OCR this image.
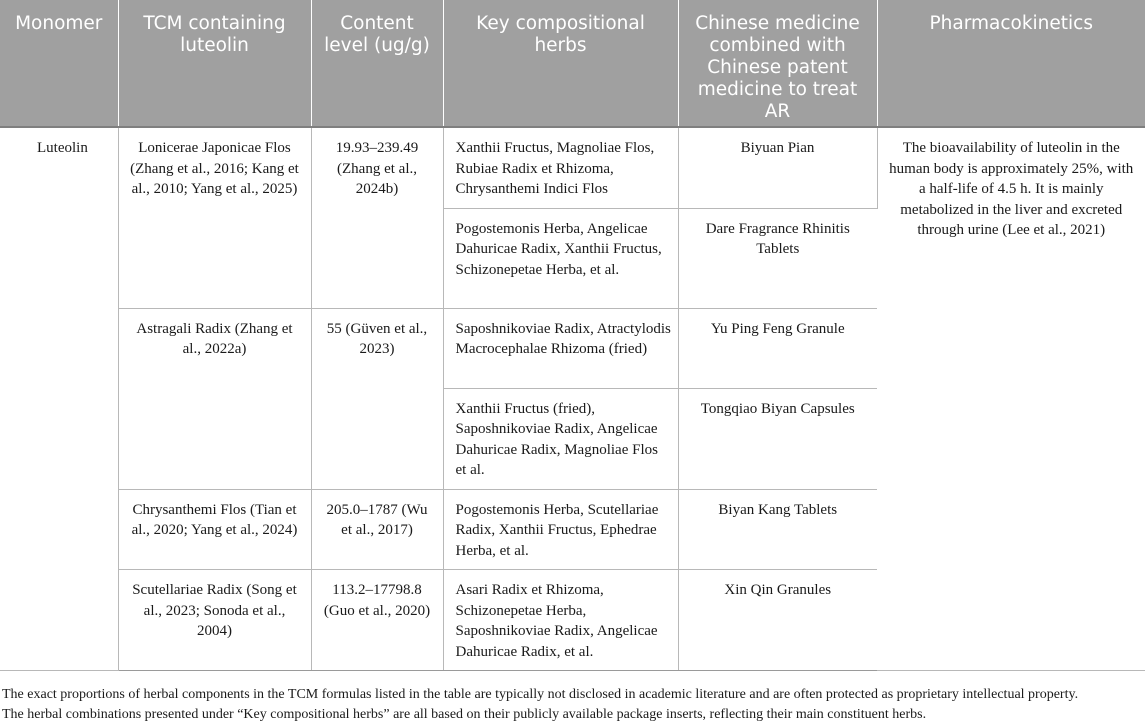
Monomer	TCM containing luteolin	Content level (ug/g)	Key compositional herbs	Chinese medicine combined with Chinese patent medicine to treat AR	Pharmacokinetics
Luteolin	Lonicerae Japonicae Flos (Zhang et al., 2016; Kang et al., 2010; Yang et al., 2025)	19.93–239.49 (Zhang et al., 2024b)	Xanthii Fructus, Magnoliae Flos, Rubiae Radix et Rhizoma, Chrysanthemi Indici Flos	Biyuan Pian	The bioavailability of luteolin in the human body is approximately 25%, with a half-life of 4.5 h. It is mainly metabolized in the liver and excreted through urine (Lee et al., 2021)
			Pogostemonis Herba, Angelicae Dahuricae Radix, Xanthii Fructus, Schizonepetae Herba, et al.	Dare Fragrance Rhinitis Tablets	
	Astragali Radix (Zhang et al., 2022a)	55 (Güven et al., 2023)	Saposhnikoviae Radix, Atractylodis Macrocephalae Rhizoma (fried)	Yu Ping Feng Granule	
			Xanthii Fructus (fried), Saposhnikoviae Radix, Angelicae Dahuricae Radix, Magnoliae Flos et al.	Tongqiao Biyan Capsules	
	Chrysanthemi Flos (Tian et al., 2020; Yang et al., 2024)	205.0–1787 (Wu et al., 2017)	Pogostemonis Herba, Scutellariae Radix, Xanthii Fructus, Ephedrae Herba, et al.	Biyan Kang Tablets	
	Scutellariae Radix (Song et al., 2023; Sonoda et al., 2004)	113.2–17798.8 (Guo et al., 2020)	Asari Radix et Rhizoma, Schizonepetae Herba, Saposhnikoviae Radix, Angelicae Dahuricae Radix, et al.	Xin Qin Granules	

The exact proportions of herbal components in the TCM formulas listed in the table are typically not disclosed in academic literature and are often protected as proprietary intellectual property.

The herbal combinations presented under “Key compositional herbs” are all based on their publicly available package inserts, reflecting their main constituent herbs.
